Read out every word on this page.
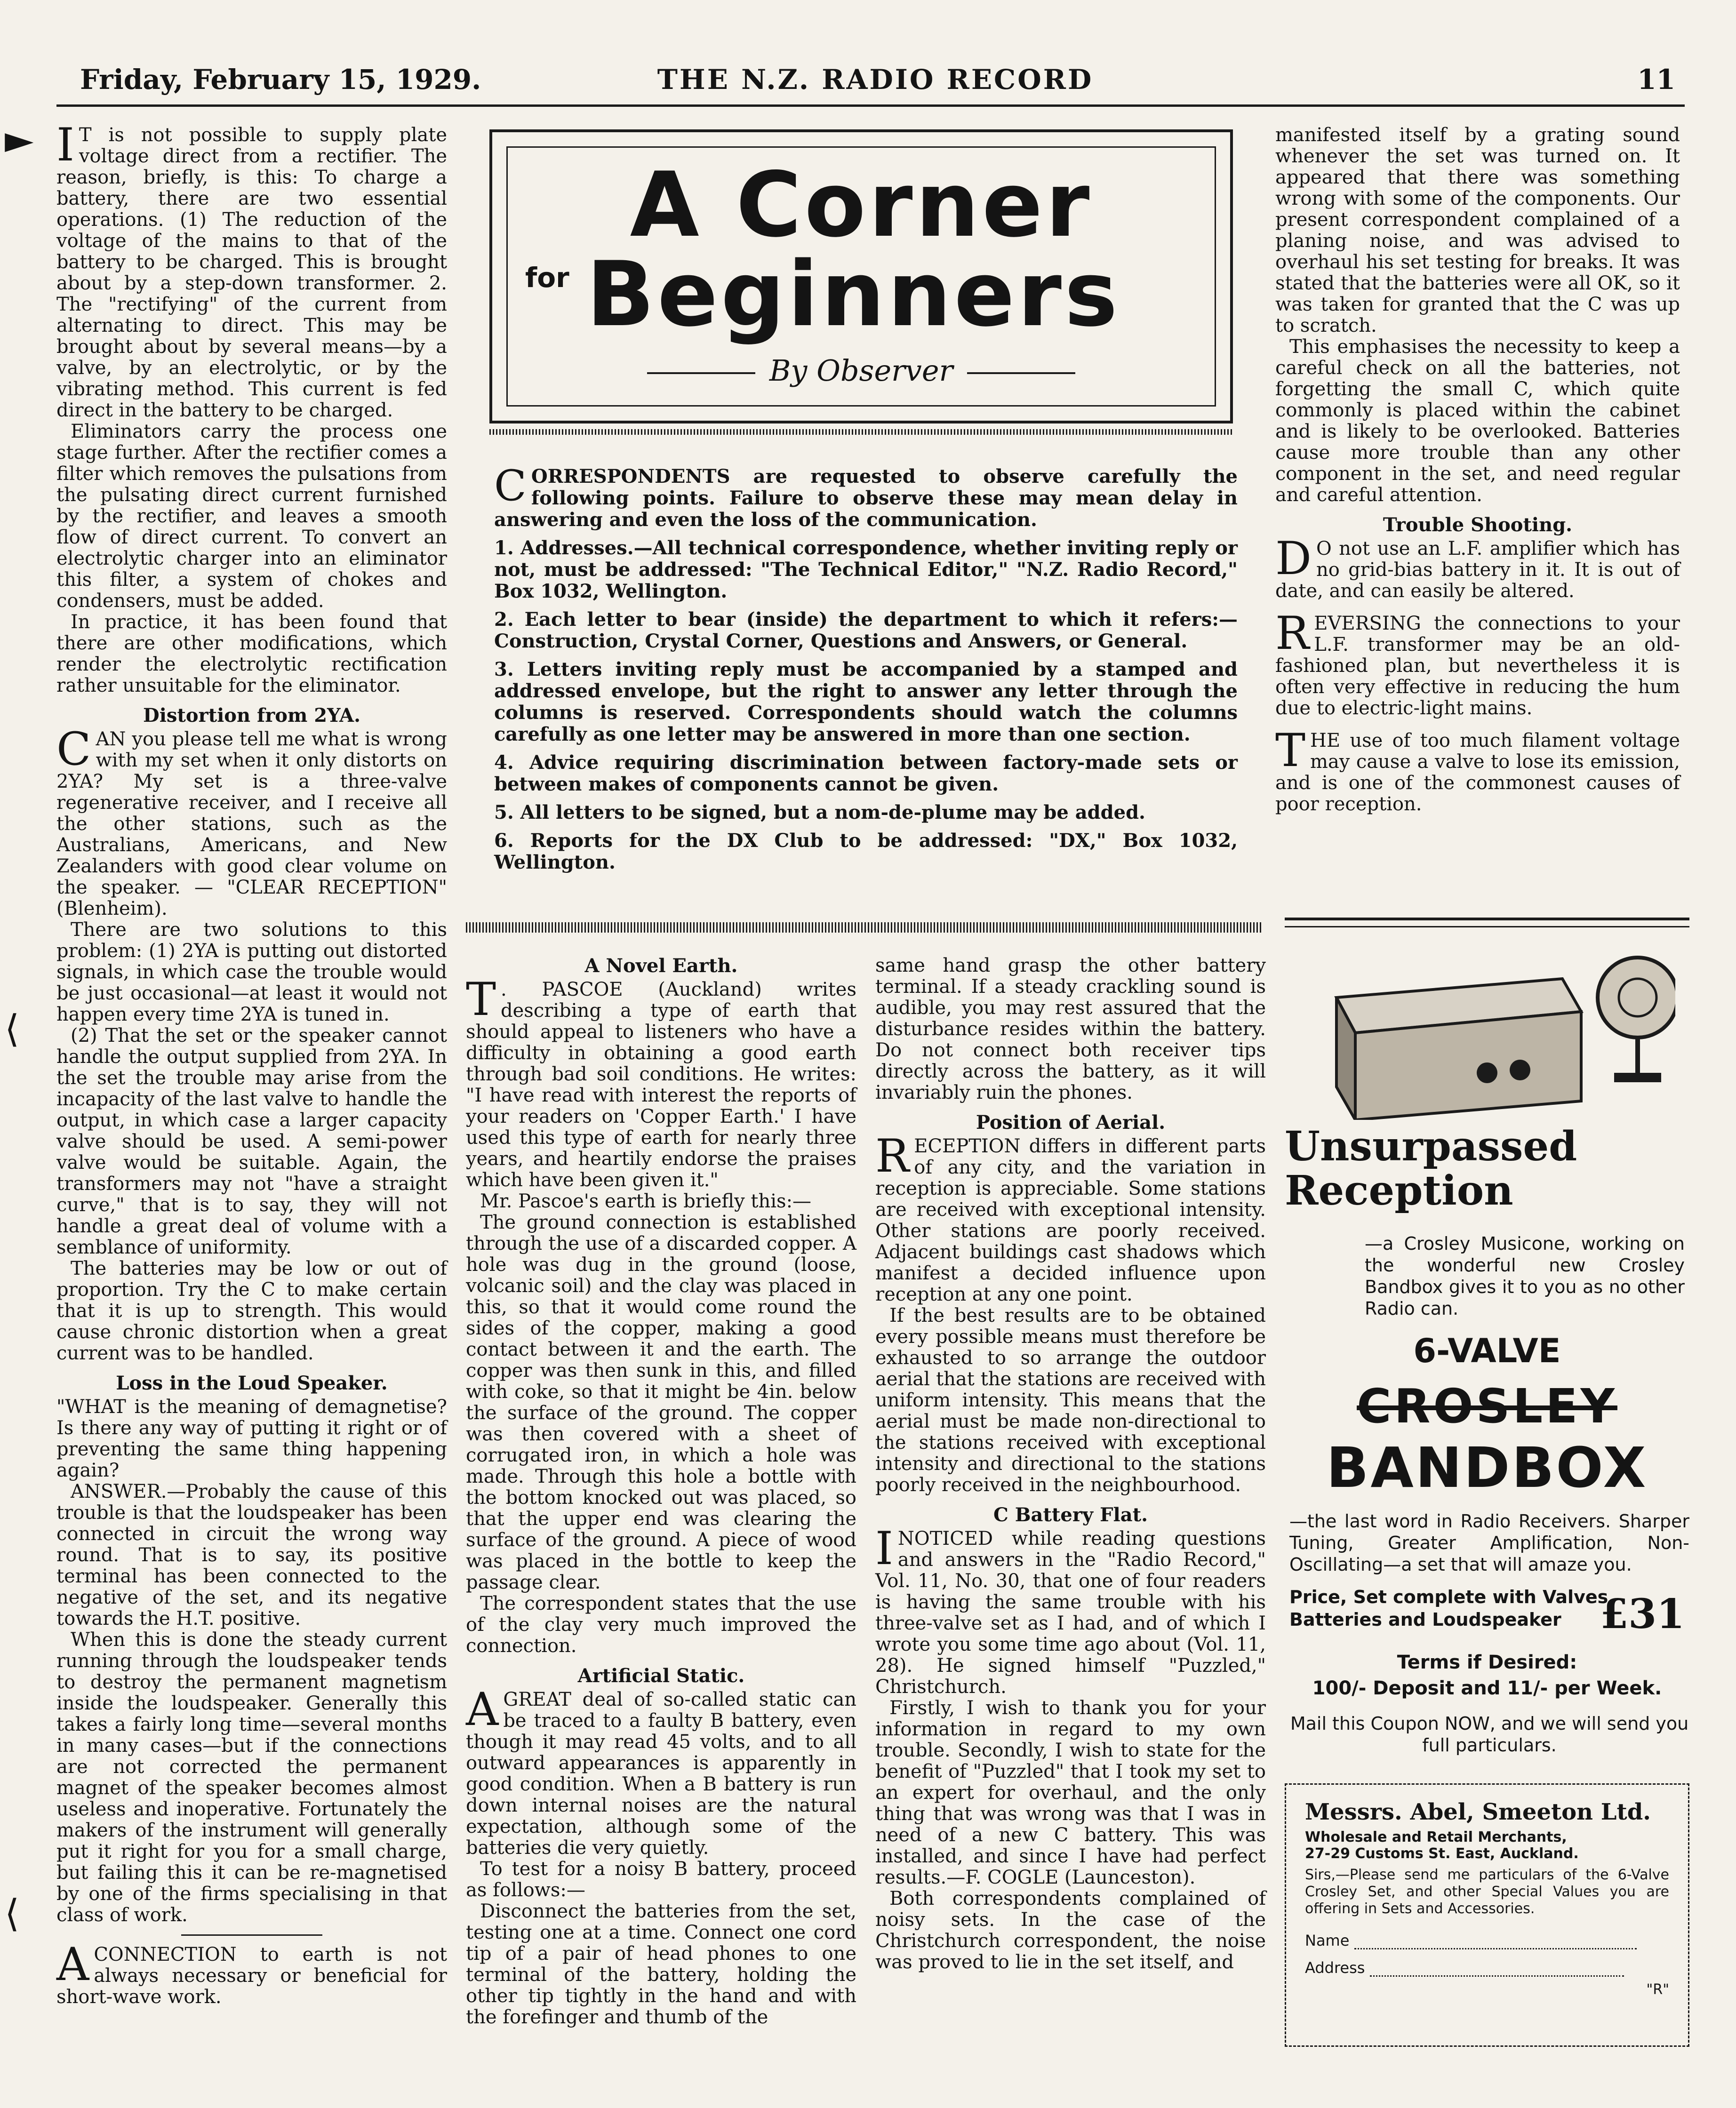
Friday, February 15, 1929.	THE N.Z. RADIO RECORD	11
►
⟨
⟨

I T is not possible to supply plate voltage direct from a rectifier. The reason, briefly, is this: To charge a battery, there are two essential operations. (1) The reduction of the voltage of the mains to that of the battery to be charged. This is brought about by a step-down transformer. 2. The "rectifying" of the current from alternating to direct. This may be brought about by several means—by a valve, by an electrolytic, or by the vibrating method. This current is fed direct in the battery to be charged.

Eliminators carry the process one stage further. After the rectifier comes a filter which removes the pulsations from the pulsating direct current furnished by the rectifier, and leaves a smooth flow of direct current. To convert an electrolytic charger into an eliminator this filter, a system of chokes and condensers, must be added.

In practice, it has been found that there are other modifications, which render the electrolytic rectification rather unsuitable for the eliminator.

Distortion from 2YA.

CAN you please tell me what is wrong with my set when it only distorts on 2YA? My set is a three-valve regenerative receiver, and I receive all the other stations, such as the Australians, Americans, and New Zealanders with good clear volume on the speaker. — "CLEAR RECEPTION" (Blenheim).

There are two solutions to this problem: (1) 2YA is putting out distorted signals, in which case the trouble would be just occasional—at least it would not happen every time 2YA is tuned in.

(2) That the set or the speaker cannot handle the output supplied from 2YA. In the set the trouble may arise from the incapacity of the last valve to handle the output, in which case a larger capacity valve should be used. A semi-power valve would be suitable. Again, the transformers may not "have a straight curve," that is to say, they will not handle a great deal of volume with a semblance of uniformity.

The batteries may be low or out of proportion. Try the C to make certain that it is up to strength. This would cause chronic distortion when a great current was to be handled.

Loss in the Loud Speaker.

"WHAT is the meaning of demagnetise? Is there any way of putting it right or of preventing the same thing happening again?

ANSWER.—Probably the cause of this trouble is that the loudspeaker has been connected in circuit the wrong way round. That is to say, its positive terminal has been connected to the negative of the set, and its negative towards the H.T. positive.

When this is done the steady current running through the loudspeaker tends to destroy the permanent magnetism inside the loudspeaker. Generally this takes a fairly long time—several months in many cases—but if the connections are not corrected the permanent magnet of the speaker becomes almost useless and inoperative. Fortunately the makers of the instrument will generally put it right for you for a small charge, but failing this it can be re-magnetised by one of the firms specialising in that class of work.

ACONNECTION to earth is not always necessary or beneficial for short-wave work.

A Corner
for Beginners
By Observer

CORRESPONDENTS are requested to observe carefully the following points. Failure to observe these may mean delay in answering and even the loss of the communication.

1. Addresses.—All technical correspondence, whether inviting reply or not, must be addressed: "The Technical Editor," "N.Z. Radio Record," Box 1032, Wellington.

2. Each letter to bear (inside) the department to which it refers:—Construction, Crystal Corner, Questions and Answers, or General.

3. Letters inviting reply must be accompanied by a stamped and addressed envelope, but the right to answer any letter through the columns is reserved. Correspondents should watch the columns carefully as one letter may be answered in more than one section.

4. Advice requiring discrimination between factory-made sets or between makes of components cannot be given.

5. All letters to be signed, but a nom-de-plume may be added.

6. Reports for the DX Club to be addressed: "DX," Box 1032, Wellington.

A Novel Earth.

T . PASCOE (Auckland) writes describing a type of earth that should appeal to listeners who have a difficulty in obtaining a good earth through bad soil conditions. He writes: "I have read with interest the reports of your readers on 'Copper Earth.' I have used this type of earth for nearly three years, and heartily endorse the praises which have been given it."

Mr. Pascoe's earth is briefly this:—

The ground connection is established through the use of a discarded copper. A hole was dug in the ground (loose, volcanic soil) and the clay was placed in this, so that it would come round the sides of the copper, making a good contact between it and the earth. The copper was then sunk in this, and filled with coke, so that it might be 4in. below the surface of the ground. The copper was then covered with a sheet of corrugated iron, in which a hole was made. Through this hole a bottle with the bottom knocked out was placed, so that the upper end was clearing the surface of the ground. A piece of wood was placed in the bottle to keep the passage clear.

The correspondent states that the use of the clay very much improved the connection.

Artificial Static.

AGREAT deal of so-called static can be traced to a faulty B battery, even though it may read 45 volts, and to all outward appearances is apparently in good condition. When a B battery is run down internal noises are the natural expectation, although some of the batteries die very quietly.

To test for a noisy B battery, proceed as follows:—

Disconnect the batteries from the set, testing one at a time. Connect one cord tip of a pair of head phones to one terminal of the battery, holding the other tip tightly in the hand and with the forefinger and thumb of the

same hand grasp the other battery terminal. If a steady crackling sound is audible, you may rest assured that the disturbance resides within the battery. Do not connect both receiver tips directly across the battery, as it will invariably ruin the phones.

Position of Aerial.

RECEPTION differs in different parts of any city, and the variation in reception is appreciable. Some stations are received with exceptional intensity. Other stations are poorly received. Adjacent buildings cast shadows which manifest a decided influence upon reception at any one point.

If the best results are to be obtained every possible means must therefore be exhausted to so arrange the outdoor aerial that the stations are received with uniform intensity. This means that the aerial must be made non-directional to the stations received with exceptional intensity and directional to the stations poorly received in the neighbourhood.

C Battery Flat.

INOTICED while reading questions and answers in the "Radio Record," Vol. 11, No. 30, that one of four readers is having the same trouble with his three-valve set as I had, and of which I wrote you some time ago about (Vol. 11, 28). He signed himself "Puzzled," Christchurch.

Firstly, I wish to thank you for your information in regard to my own trouble. Secondly, I wish to state for the benefit of "Puzzled" that I took my set to an expert for overhaul, and the only thing that was wrong was that I was in need of a new C battery. This was installed, and since I have had perfect results.—F. COGLE (Launceston).

Both correspondents complained of noisy sets. In the case of the Christchurch correspondent, the noise was proved to lie in the set itself, and

manifested itself by a grating sound whenever the set was turned on. It appeared that there was something wrong with some of the components. Our present correspondent complained of a planing noise, and was advised to overhaul his set testing for breaks. It was stated that the batteries were all OK, so it was taken for granted that the C was up to scratch.

This emphasises the necessity to keep a careful check on all the batteries, not forgetting the small C, which quite commonly is placed within the cabinet and is likely to be overlooked. Batteries cause more trouble than any other component in the set, and need regular and careful attention.

Trouble Shooting.

D O not use an L.F. amplifier which has no grid-bias battery in it. It is out of date, and can easily be altered.

REVERSING the connections to your L.F. transformer may be an old-fashioned plan, but nevertheless it is often very effective in reducing the hum due to electric-light mains.

THE use of too much filament voltage may cause a valve to lose its emission, and is one of the commonest causes of poor reception.

Unsurpassed
Reception
—a Crosley Musicone, working on the wonderful new Crosley Bandbox gives it to you as no other Radio can.
6-VALVE
CROSLEY
BANDBOX
—the last word in Radio Receivers. Sharper Tuning, Greater Amplification, Non-Oscillating—a set that will amaze you.
Price, Set complete with Valves, Batteries and Loudspeaker £31
Terms if Desired:
100/- Deposit and 11/- per Week.
Mail this Coupon NOW, and we will send you full particulars.
Messrs. Abel, Smeeton Ltd.
Wholesale and Retail Merchants,
27-29 Customs St. East, Auckland.
Sirs,—Please send me particulars of the 6-Valve Crosley Set, and other Special Values you are offering in Sets and Accessories.
Name
Address
"R"
